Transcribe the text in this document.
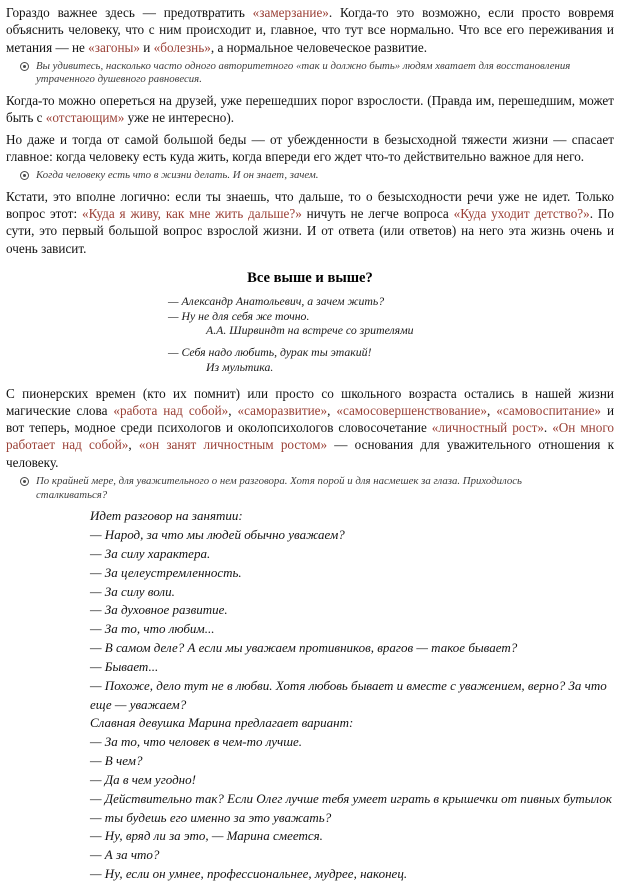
Гораздо важнее здесь — предотвратить «замерзание». Когда-то это возможно, если просто вовремя объяснить человеку, что с ним происходит и, главное, что тут все нормально. Что все его переживания и метания — не «загоны» и «болезнь», а нормальное человеческое развитие.

Вы удивитесь, насколько часто одного авторитетного «так и должно быть» людям хватает для восстановления утраченного душевного равновесия.

Когда-то можно опереться на друзей, уже перешедших порог взрослости. (Правда им, перешедшим, может быть с «отстающим» уже не интересно).

Но даже и тогда от самой большой беды — от убежденности в безысходной тяжести жизни — спасает главное: когда человеку есть куда жить, когда впереди его ждет что-то действительно важное для него.

Когда человеку есть что в жизни делать. И он знает, зачем.

Кстати, это вполне логично: если ты знаешь, что дальше, то о безысходности речи уже не идет. Только вопрос этот: «Куда я живу, как мне жить дальше?» ничуть не легче вопроса «Куда уходит детство?». По сути, это первый большой вопрос взрослой жизни. И от ответа (или ответов) на него эта жизнь очень и очень зависит.

Все выше и выше?
— Александр Анатольевич, а зачем жить?
— Ну не для себя же точно.
А.А. Ширвиндт на встрече со зрителями
— Себя надо любить, дурак ты этакий!
Из мультика.

С пионерских времен (кто их помнит) или просто со школьного возраста остались в нашей жизни магические слова «работа над собой», «саморазвитие», «самосовершенствование», «самовоспитание» и вот теперь, модное среди психологов и околопсихологов словосочетание «личностный рост». «Он много работает над собой», «он занят личностным ростом» — основания для уважительного отношения к человеку.

По крайней мере, для уважительного о нем разговора. Хотя порой и для насмешек за глаза. Приходилось сталкиваться?

Идет разговор на занятии:

— Народ, за что мы людей обычно уважаем?

— За силу характера.

— За целеустремленность.

— За силу воли.

— За духовное развитие.

— За то, что любим...

— В самом деле? А если мы уважаем противников, врагов — такое бывает?

— Бывает...

— Похоже, дело тут не в любви. Хотя любовь бывает и вместе с уважением, верно? За что еще — уважаем?

Славная девушка Марина предлагает вариант:

— За то, что человек в чем-то лучше.

— В чем?

— Да в чем угодно!

— Действительно так? Если Олег лучше тебя умеет играть в крышечки от пивных бутылок — ты будешь его именно за это уважать?

— Ну, вряд ли за это, — Марина смеется.

— А за что?

— Ну, если он умнее, профессиональнее, мудрее, наконец.
